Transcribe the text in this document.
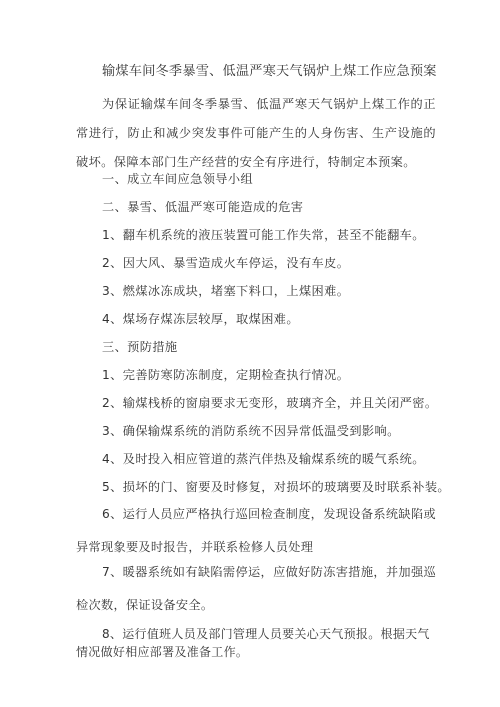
输煤车间冬季暴雪、低温严寒天气锅炉上煤工作应急预案
为保证输煤车间冬季暴雪、低温严寒天气锅炉上煤工作的正常进行，防止和减少突发事件可能产生的人身伤害、生产设施的破坏。保障本部门生产经营的安全有序进行，特制定本预案。
一、成立车间应急领导小组
二、暴雪、低温严寒可能造成的危害
1、翻车机系统的液压装置可能工作失常，甚至不能翻车。
2、因大风、暴雪造成火车停运，没有车皮。
3、燃煤冰冻成块，堵塞下料口，上煤困难。
4、煤场存煤冻层较厚，取煤困难。
三、预防措施
1、完善防寒防冻制度，定期检查执行情况。
2、输煤栈桥的窗扇要求无变形，玻璃齐全，并且关闭严密。
3、确保输煤系统的消防系统不因异常低温受到影响。
4、及时投入相应管道的蒸汽伴热及输煤系统的暖气系统。
5、损坏的门、窗要及时修复，对损坏的玻璃要及时联系补装。
6、运行人员应严格执行巡回检查制度，发现设备系统缺陷或异常现象要及时报告，并联系检修人员处理
7、暖器系统如有缺陷需停运，应做好防冻害措施，并加强巡检次数，保证设备安全。
8、运行值班人员及部门管理人员要关心天气预报。根据天气情况做好相应部署及准备工作。
